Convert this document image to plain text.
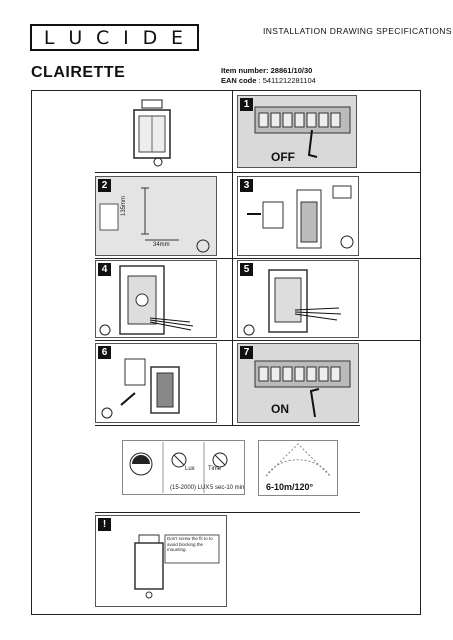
L U C I D E	INSTALLATION DRAWING SPECIFICATIONS
CLAIRETTE	Item number: 28861/10/30
EAN code : 5411212281104
1
OFF
2
135mm
34mm
3
4	5
6	7
ON
Lux Time
(15-2000) LUX 5 sec-10 min 6-10m/120°
!
Don't screw the fit to to avoid blocking the mounting.
